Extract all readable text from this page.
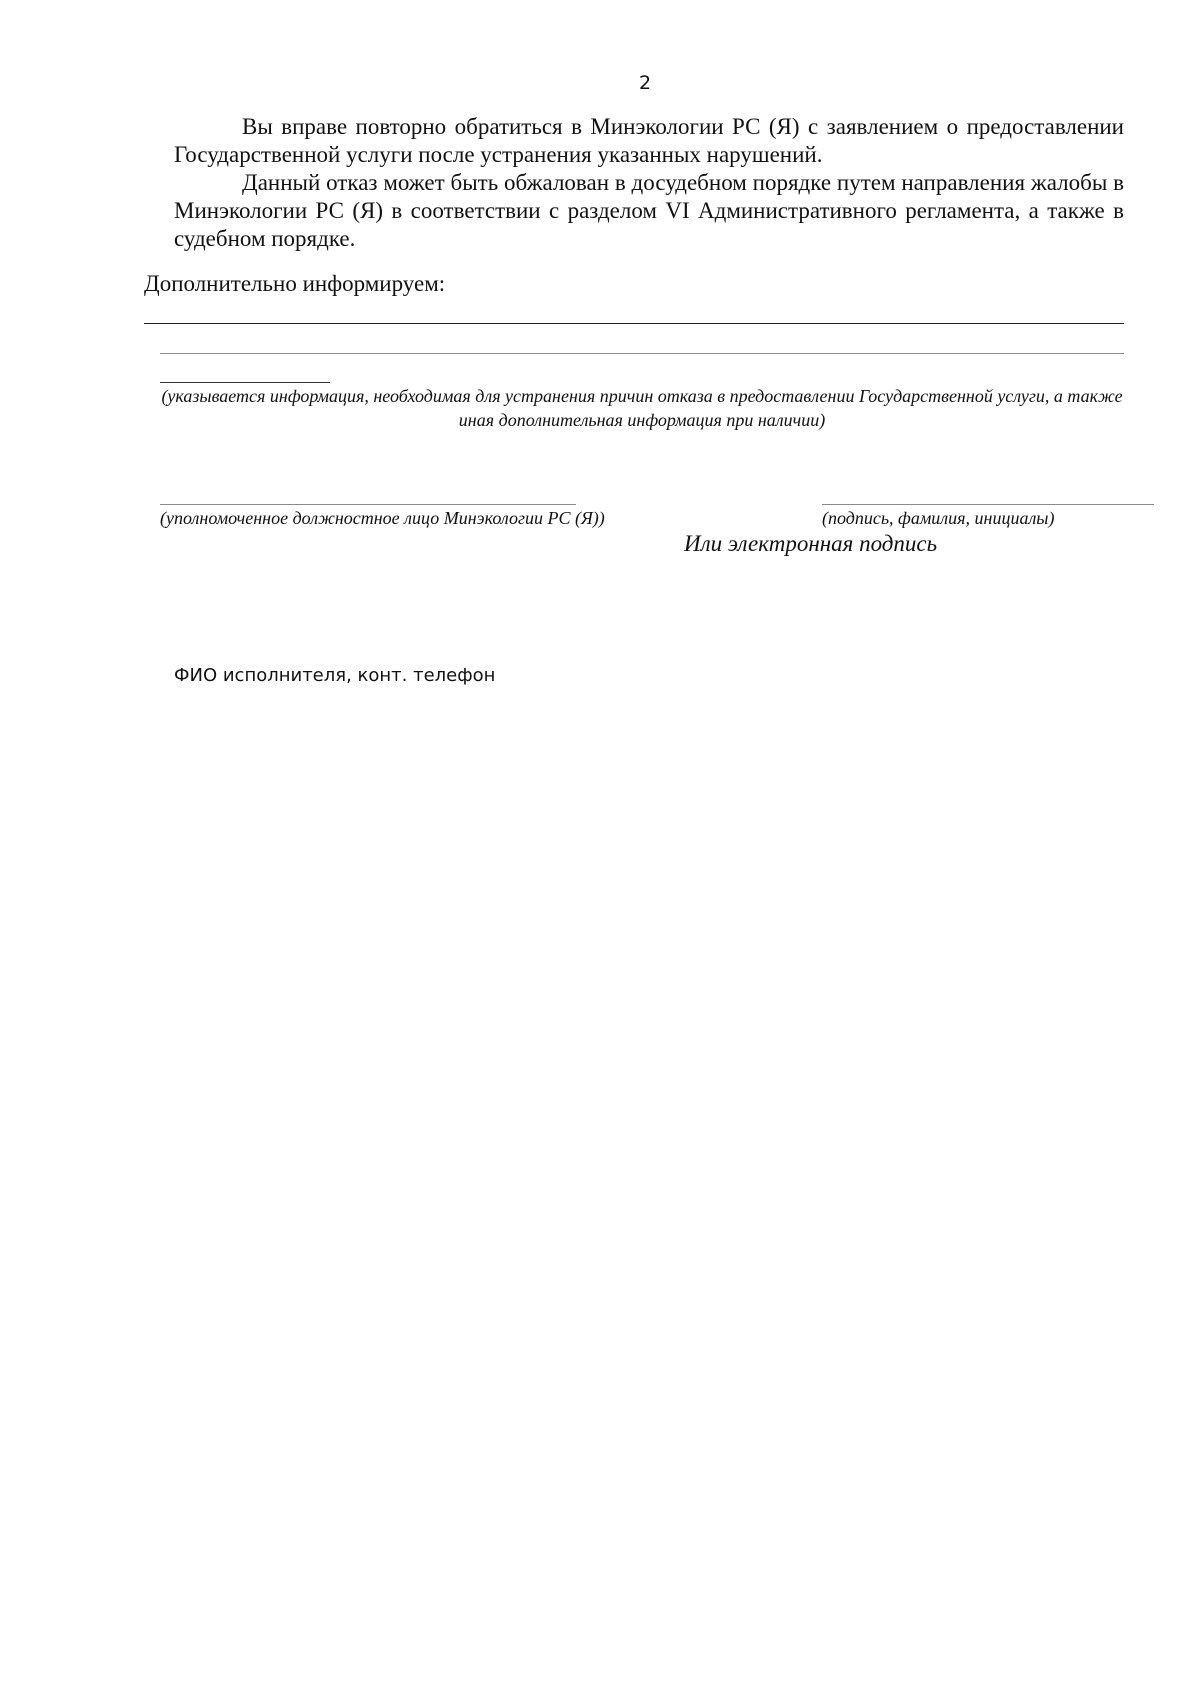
2

Вы вправе повторно обратиться в Минэкологии РС (Я) с заявлением о предоставлении Государственной услуги после устранения указанных нарушений.

Данный отказ может быть обжалован в досудебном порядке путем направления жалобы в Минэкологии РС (Я) в соответствии с разделом VI Административного регламента, а также в судебном порядке.

Дополнительно информируем:
(указывается информация, необходимая для устранения причин отказа в предоставлении Государственной услуги, а также иная дополнительная информация при наличии)
(уполномоченное должностное лицо Минэкологии РС (Я))	(подпись, фамилия, инициалы)
Или электронная подпись
ФИО исполнителя, конт. телефон
